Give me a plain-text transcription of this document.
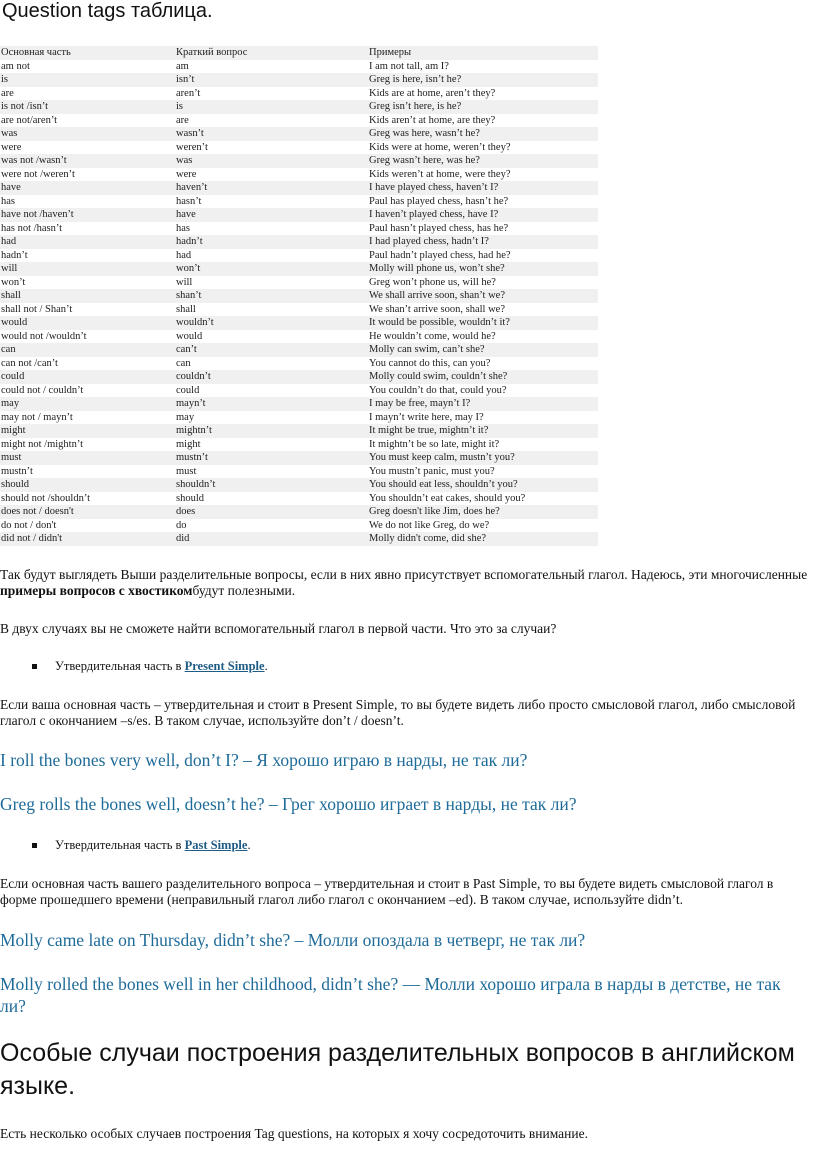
Question tags таблица.
Основная часть	Краткий вопрос	Примеры
am not	am	I am not tall, am I?
is	isn’t	Greg is here, isn’t he?
are	aren’t	Kids are at home, aren’t they?
is not /isn’t	is	Greg isn’t here, is he?
are not/aren’t	are	Kids aren’t at home, are they?
was	wasn’t	Greg was here, wasn’t he?
were	weren’t	Kids were at home, weren’t they?
was not /wasn’t	was	Greg wasn’t here, was he?
were not /weren’t	were	Kids weren’t at home, were they?
have	haven’t	I have played chess, haven’t I?
has	hasn’t	Paul has played chess, hasn’t he?
have not /haven’t	have	I haven’t played chess, have I?
has not /hasn’t	has	Paul hasn’t played chess, has he?
had	hadn’t	I had played chess, hadn’t I?
hadn’t	had	Paul hadn’t played chess, had he?
will	won’t	Molly will phone us, won’t she?
won’t	will	Greg won’t phone us, will he?
shall	shan’t	We shall arrive soon, shan’t we?
shall not / Shan’t	shall	We shan’t arrive soon, shall we?
would	wouldn’t	It would be possible, wouldn’t it?
would not /wouldn’t	would	He wouldn’t come, would he?
can	can’t	Molly can swim, can’t she?
can not /can’t	can	You cannot do this, can you?
could	couldn’t	Molly could swim, couldn’t she?
could not / couldn’t	could	You couldn’t do that, could you?
may	mayn’t	I may be free, mayn’t I?
may not / mayn’t	may	I mayn’t write here, may I?
might	mightn’t	It might be true, mightn’t it?
might not /mightn’t	might	It mightn’t be so late, might it?
must	mustn’t	You must keep calm, mustn’t you?
mustn’t	must	You mustn’t panic, must you?
should	shouldn’t	You should eat less, shouldn’t you?
should not /shouldn’t	should	You shouldn’t eat cakes, should you?
does not / doesn't	does	Greg doesn't like Jim, does he?
do not / don't	do	We do not like Greg, do we?
did not / didn't	did	Molly didn't come, did she?
Так будут выглядеть Выши разделительные вопросы, если в них явно присутствует вспомогательный глагол. Надеюсь, эти многочисленные примеры вопросов с хвостикомбудут полезными.
В двух случаях вы не сможете найти вспомогательный глагол в первой части. Что это за случаи?
Утвердительная часть в Present Simple.
Если ваша основная часть – утвердительная и стоит в Present Simple, то вы будете видеть либо просто смысловой глагол, либо смысловой глагол с окончанием –s/es. В таком случае, используйте don’t / doesn’t.
I roll the bones very well, don’t I? – Я хорошо играю в нарды, не так ли?
Greg rolls the bones well, doesn’t he? – Грег хорошо играет в нарды, не так ли?
Утвердительная часть в Past Simple.
Если основная часть вашего разделительного вопроса – утвердительная и стоит в Past Simple, то вы будете видеть смысловой глагол в форме прошедшего времени (неправильный глагол либо глагол с окончанием –ed). В таком случае, используйте didn’t.
Molly came late on Thursday, didn’t she? – Молли опоздала в четверг, не так ли?
Molly rolled the bones well in her childhood, didn’t she? — Молли хорошо играла в нарды в детстве, не так ли?
Особые случаи построения разделительных вопросов в английском языке.
Есть несколько особых случаев построения Tag questions, на которых я хочу сосредоточить внимание.
